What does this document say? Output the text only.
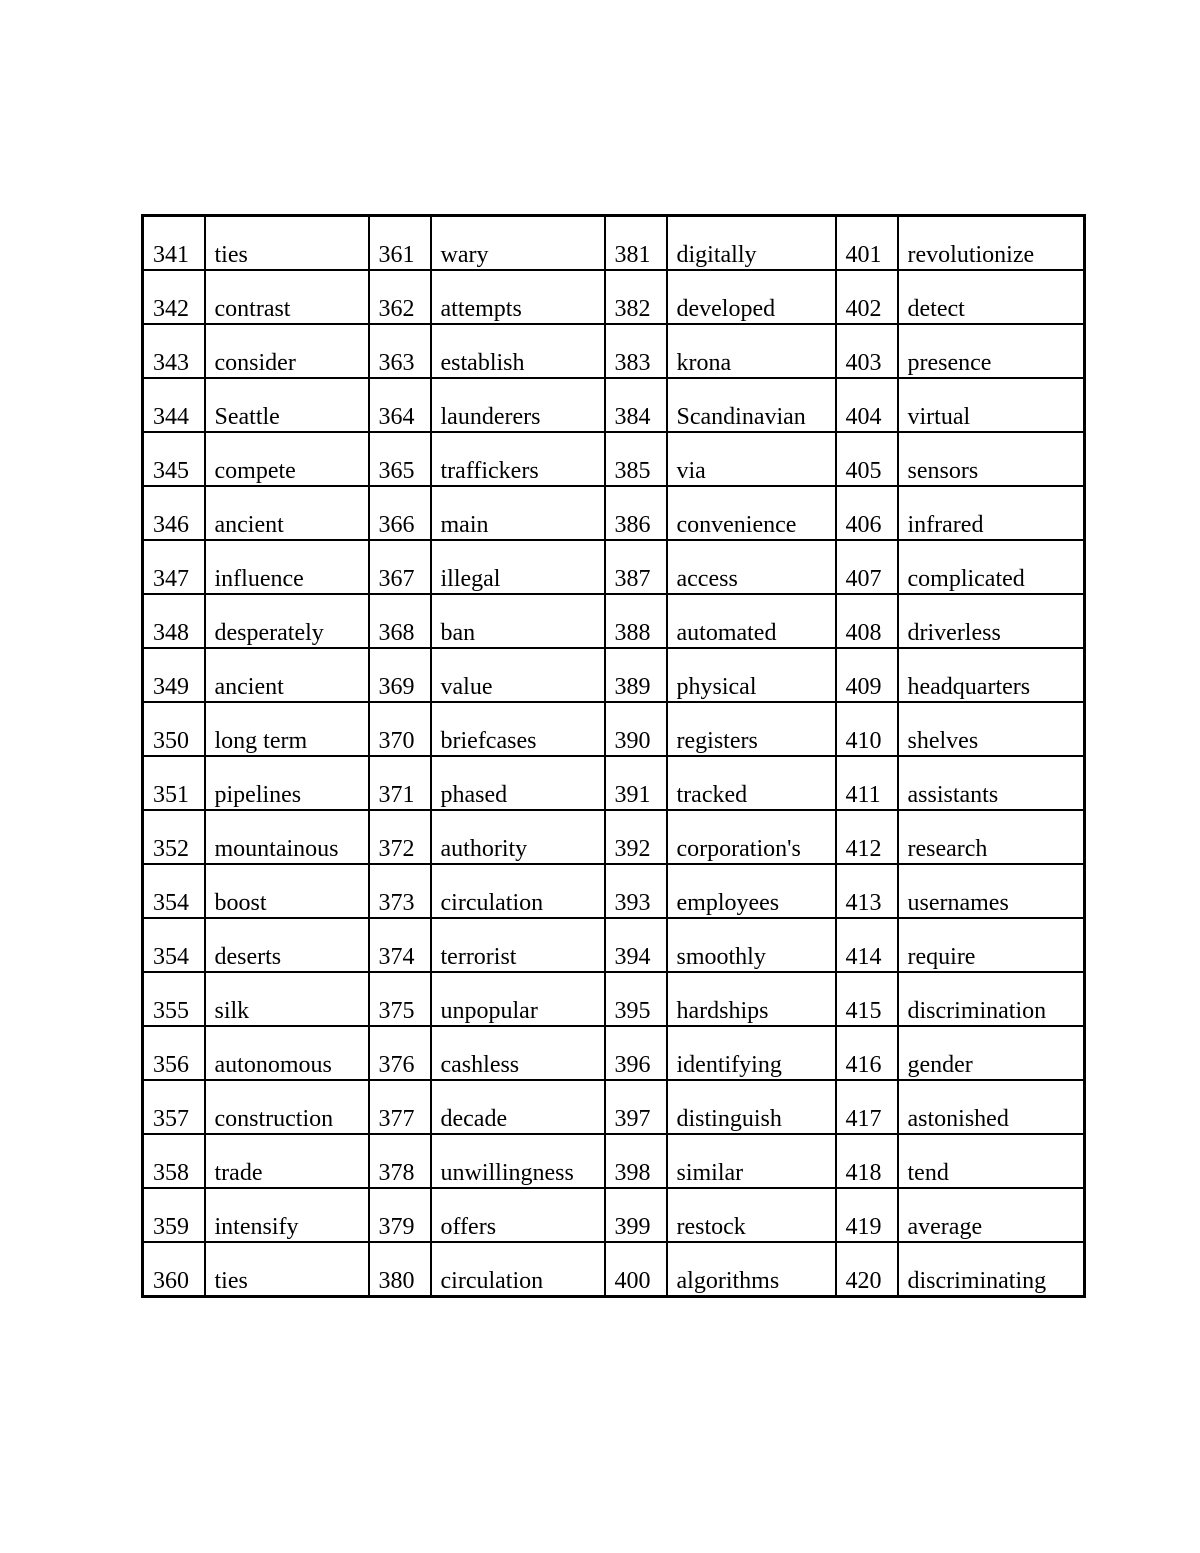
341	ties	361	wary	381	digitally	401	revolutionize
342	contrast	362	attempts	382	developed	402	detect
343	consider	363	establish	383	krona	403	presence
344	Seattle	364	launderers	384	Scandinavian	404	virtual
345	compete	365	traffickers	385	via	405	sensors
346	ancient	366	main	386	convenience	406	infrared
347	influence	367	illegal	387	access	407	complicated
348	desperately	368	ban	388	automated	408	driverless
349	ancient	369	value	389	physical	409	headquarters
350	long term	370	briefcases	390	registers	410	shelves
351	pipelines	371	phased	391	tracked	411	assistants
352	mountainous	372	authority	392	corporation's	412	research
354	boost	373	circulation	393	employees	413	usernames
354	deserts	374	terrorist	394	smoothly	414	require
355	silk	375	unpopular	395	hardships	415	discrimination
356	autonomous	376	cashless	396	identifying	416	gender
357	construction	377	decade	397	distinguish	417	astonished
358	trade	378	unwillingness	398	similar	418	tend
359	intensify	379	offers	399	restock	419	average
360	ties	380	circulation	400	algorithms	420	discriminating
